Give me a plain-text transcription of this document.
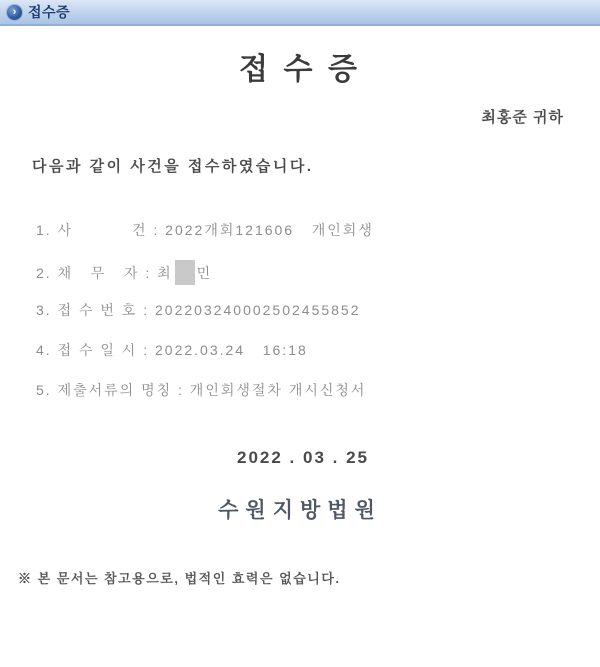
› 접수증
접 수 증
최홍준 귀하
다음과 같이 사건을 접수하였습니다.
1. 사          건 : 2022개회121606   개인회생
2. 채   무   자 : 최 민
3. 접 수 번 호 : 202203240002502455852
4. 접 수 일 시 : 2022.03.24   16:18
5. 제출서류의 명칭 : 개인회생절차 개시신청서
2022 . 03 . 25
수원지방법원
※ 본 문서는 참고용으로, 법적인 효력은 없습니다.
